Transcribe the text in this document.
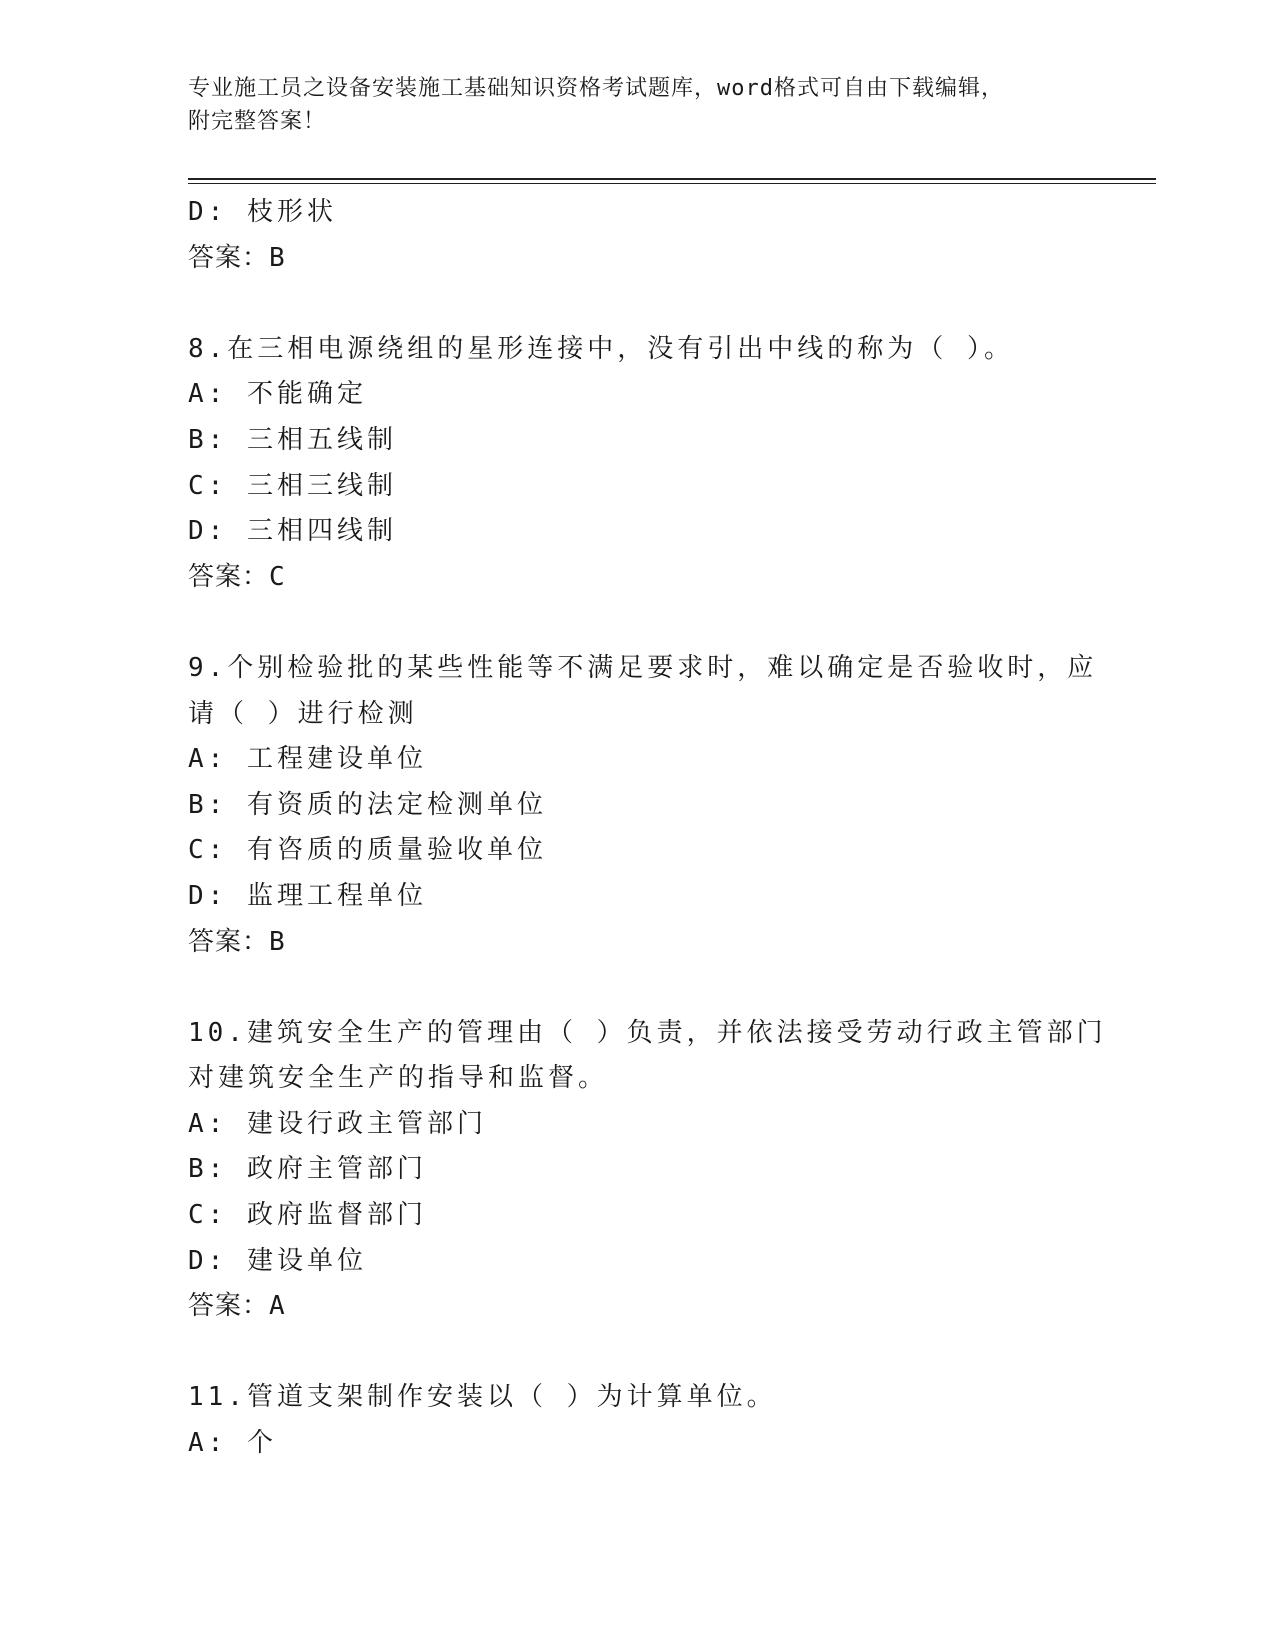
专业施工员之设备安装施工基础知识资格考试题库，word格式可自由下载编辑，
附完整答案！
D: 枝形状
答案：B
8.在三相电源绕组的星形连接中，没有引出中线的称为（ ）。
A: 不能确定
B: 三相五线制
C: 三相三线制
D: 三相四线制
答案：C
9.个别检验批的某些性能等不满足要求时，难以确定是否验收时，应
请（ ）进行检测
A: 工程建设单位
B: 有资质的法定检测单位
C: 有咨质的质量验收单位
D: 监理工程单位
答案：B
10.建筑安全生产的管理由（ ）负责，并依法接受劳动行政主管部门
对建筑安全生产的指导和监督。
A: 建设行政主管部门
B: 政府主管部门
C: 政府监督部门
D: 建设单位
答案：A
11.管道支架制作安装以（ ）为计算单位。
A: 个
